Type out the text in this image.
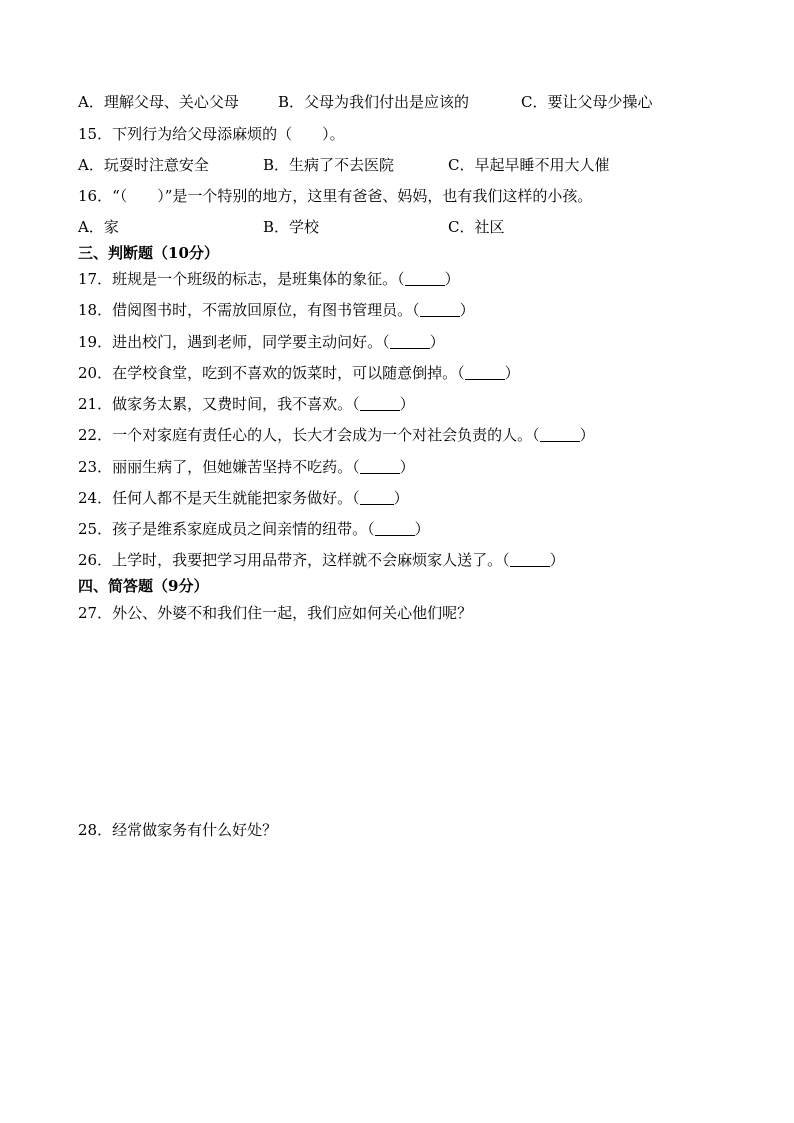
A．理解父母、关心父母	B．父母为我们付出是应该的	C．要让父母少操心
15．下列行为给父母添麻烦的（　　）。
A．玩耍时注意安全	B．生病了不去医院	C．早起早睡不用大人催
16．“（　　）”是一个特别的地方，这里有爸爸、妈妈，也有我们这样的小孩。
A．家	B．学校	C．社区
三、判断题（10分）
17．班规是一个班级的标志，是班集体的象征。（	）
18．借阅图书时，不需放回原位，有图书管理员。（	）
19．进出校门，遇到老师，同学要主动问好。（	）
20．在学校食堂，吃到不喜欢的饭菜时，可以随意倒掉。（	）
21．做家务太累，又费时间，我不喜欢。（	）
22．一个对家庭有责任心的人，长大才会成为一个对社会负责的人。（	）
23．丽丽生病了，但她嫌苦坚持不吃药。（	）
24．任何人都不是天生就能把家务做好。（ ）
25．孩子是维系家庭成员之间亲情的纽带。（	）
26．上学时，我要把学习用品带齐，这样就不会麻烦家人送了。（	）
四、简答题（9分）
27．外公、外婆不和我们住一起，我们应如何关心他们呢？
28．经常做家务有什么好处？
